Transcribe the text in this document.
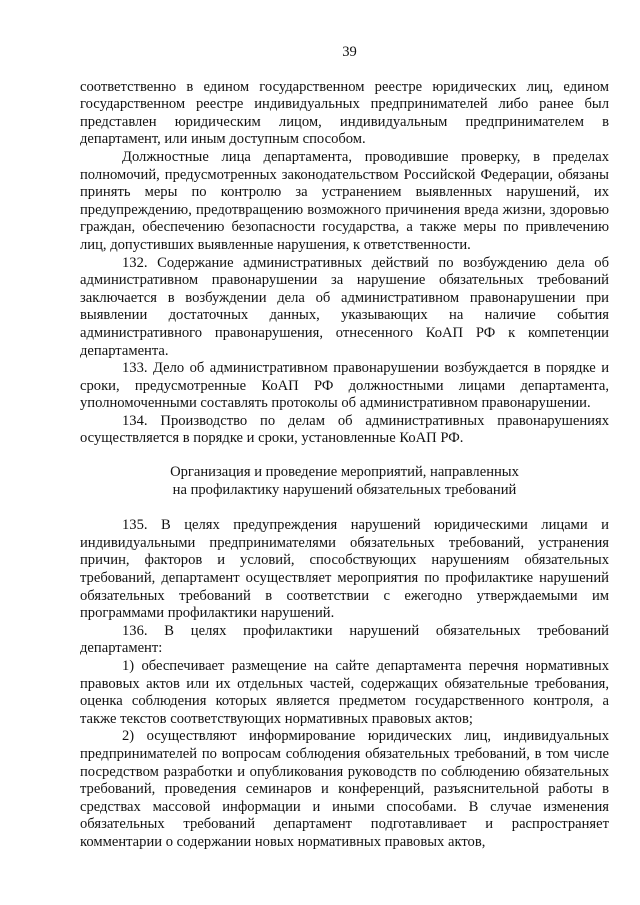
39

соответственно в едином государственном реестре юридических лиц, едином государственном реестре индивидуальных предпринимателей либо ранее был представлен юридическим лицом, индивидуальным предпринимателем в департамент, или иным доступным способом.

Должностные лица департамента, проводившие проверку, в пределах полномочий, предусмотренных законодательством Российской Федерации, обязаны принять меры по контролю за устранением выявленных нарушений, их предупреждению, предотвращению возможного причинения вреда жизни, здоровью граждан, обеспечению безопасности государства, а также меры по привлечению лиц, допустивших выявленные нарушения, к ответственности.

132. Содержание административных действий по возбуждению дела об административном правонарушении за нарушение обязательных требований заключается в возбуждении дела об административном правонарушении при выявлении достаточных данных, указывающих на наличие события административного правонарушения, отнесенного КоАП РФ к компетенции департамента.

133. Дело об административном правонарушении возбуждается в порядке и сроки, предусмотренные КоАП РФ должностными лицами департамента, уполномоченными составлять протоколы об административном правонарушении.

134. Производство по делам об административных правонарушениях осуществляется в порядке и сроки, установленные КоАП РФ.

Организация и проведение мероприятий, направленных
на профилактику нарушений обязательных требований

135. В целях предупреждения нарушений юридическими лицами и индивидуальными предпринимателями обязательных требований, устранения причин, факторов и условий, способствующих нарушениям обязательных требований, департамент осуществляет мероприятия по профилактике нарушений обязательных требований в соответствии с ежегодно утверждаемыми им программами профилактики нарушений.

136. В целях профилактики нарушений обязательных требований департамент:

1) обеспечивает размещение на сайте департамента перечня нормативных правовых актов или их отдельных частей, содержащих обязательные требования, оценка соблюдения которых является предметом государственного контроля, а также текстов соответствующих нормативных правовых актов;

2) осуществляют информирование юридических лиц, индивидуальных предпринимателей по вопросам соблюдения обязательных требований, в том числе посредством разработки и опубликования руководств по соблюдению обязательных требований, проведения семинаров и конференций, разъяснительной работы в средствах массовой информации и иными способами. В случае изменения обязательных требований департамент подготавливает и распространяет комментарии о содержании новых нормативных правовых актов,
